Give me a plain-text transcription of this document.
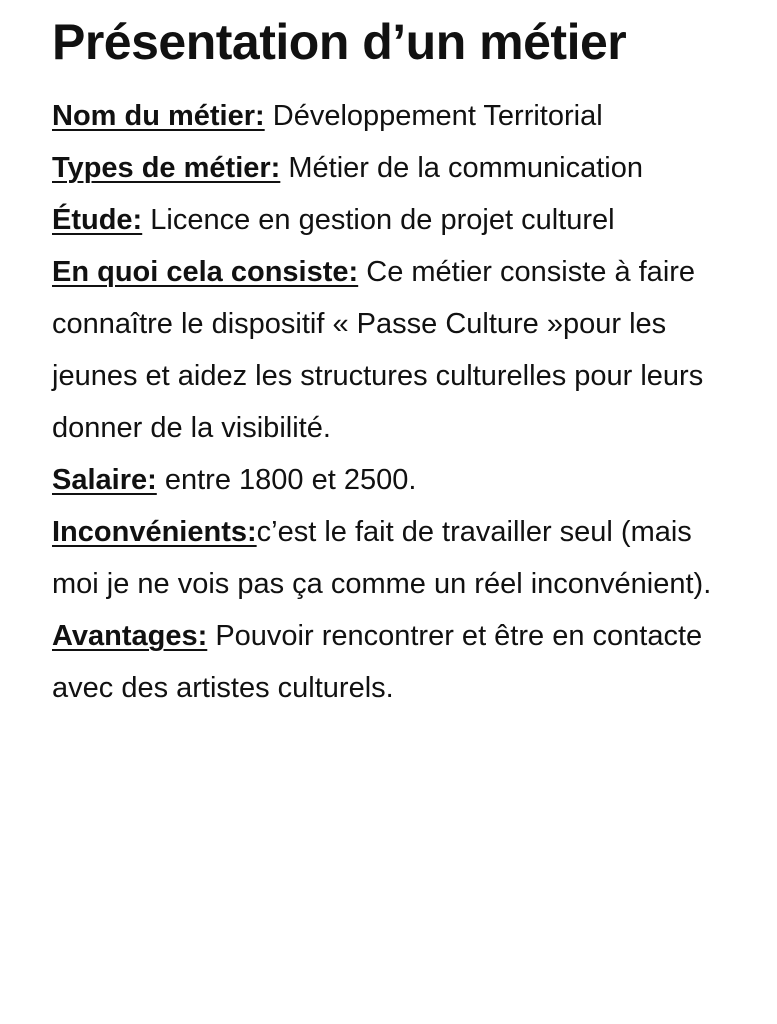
Présentation d’un métier

Nom du métier: Développement Territorial

Types de métier: Métier de la communication

Étude: Licence en gestion de projet culturel

En quoi cela consiste: Ce métier consiste à faire connaître le dispositif « Passe Culture »pour les jeunes et aidez les structures culturelles pour leurs donner de la visibilité.

Salaire: entre 1800 et 2500.

Inconvénients:c’est le fait de travailler seul (mais moi je ne vois pas ça comme un réel inconvénient).

Avantages: Pouvoir rencontrer et être en contacte avec des artistes culturels.
